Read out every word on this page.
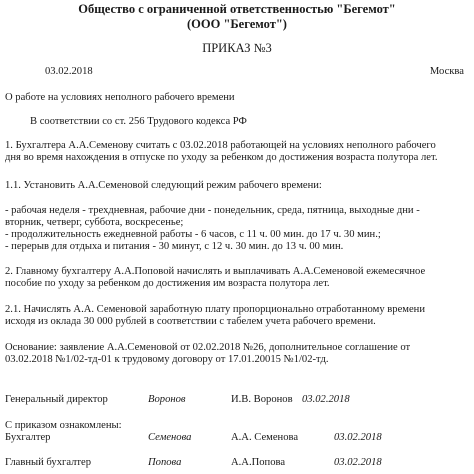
Общество с ограниченной ответственностью "Бегемот"
(ООО "Бегемот")
ПРИКАЗ №3
03.02.2018	Москва
О работе на условиях неполного рабочего времени
В соответствии со ст. 256 Трудового кодекса РФ
1. Бухгалтера А.А.Семенову считать с 03.02.2018 работающей на условиях неполного рабочего
дня во время нахождения в отпуске по уходу за ребенком до достижения возраста полутора лет.
1.1. Установить А.А.Семеновой следующий режим рабочего времени:
- рабочая неделя - трехдневная, рабочие дни - понедельник, среда, пятница, выходные дни -
вторник, четверг, суббота, воскресенье;
- продолжительность ежедневной работы - 6 часов, с 11 ч. 00 мин. до 17 ч. 30 мин.;
- перерыв для отдыха и питания - 30 минут, с 12 ч. 30 мин. до 13 ч. 00 мин.
2. Главному бухгалтеру А.А.Поповой начислять и выплачивать А.А.Семеновой ежемесячное
пособие по уходу за ребенком до достижения им возраста полутора лет.
2.1. Начислять А.А. Семеновой заработную плату пропорционально отработанному времени
исходя из оклада 30 000 рублей в соответствии с табелем учета рабочего времени.
Основание: заявление А.А.Семеновой от 02.02.2018 №26, дополнительное соглашение от
03.02.2018 №1/02-тд-01 к трудовому договору от 17.01.20015 №1/02-тд.
Генеральный директор	Воронов	И.В. Воронов 03.02.2018
С приказом ознакомлены:
Бухгалтер	Семенова	А.А. Семенова	03.02.2018
Главный бухгалтер	Попова	А.А.Попова	03.02.2018
